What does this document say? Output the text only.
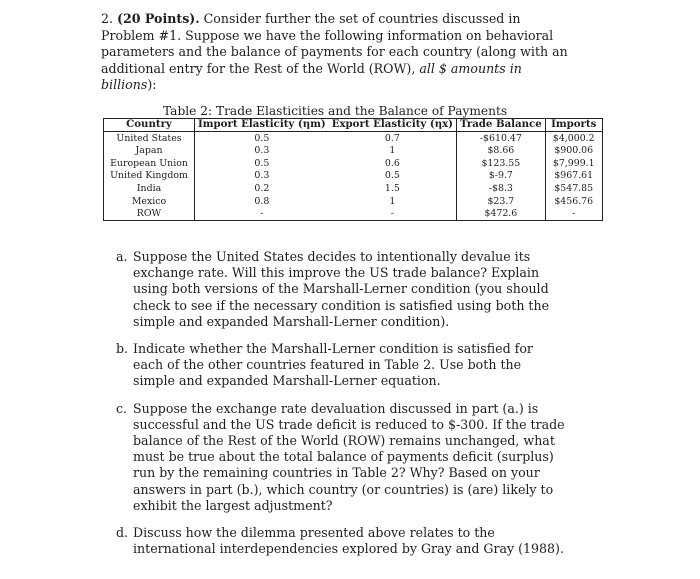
2. (20 Points). Consider further the set of countries discussed in Problem #1. Suppose we have the following information on behavioral parameters and the balance of payments for each country (along with an additional entry for the Rest of the World (ROW), all $ amounts in billions):
Table 2: Trade Elasticities and the Balance of Payments
Country	Import Elasticity (ηm)	Export Elasticity (ηx)	Trade Balance	Imports
United States	0.5	0.7	-$610.47	$4,000.2
Japan	0.3	1	$8.66	$900.06
European Union	0.5	0.6	$123.55	$7,999.1
United Kingdom	0.3	0.5	$-9.7	$967.61
India	0.2	1.5	-$8.3	$547.85
Mexico	0.8	1	$23.7	$456.76
ROW	-	-	$472.6	-
a. Suppose the United States decides to intentionally devalue its exchange rate. Will this improve the US trade balance? Explain using both versions of the Marshall-Lerner condition (you should check to see if the necessary condition is satisfied using both the simple and expanded Marshall-Lerner condition).
b. Indicate whether the Marshall-Lerner condition is satisfied for each of the other countries featured in Table 2. Use both the simple and expanded Marshall-Lerner equation.
c. Suppose the exchange rate devaluation discussed in part (a.) is successful and the US trade deficit is reduced to $-300. If the trade balance of the Rest of the World (ROW) remains unchanged, what must be true about the total balance of payments deficit (surplus) run by the remaining countries in Table 2? Why? Based on your answers in part (b.), which country (or countries) is (are) likely to exhibit the largest adjustment?
d. Discuss how the dilemma presented above relates to the international interdependencies explored by Gray and Gray (1988).
